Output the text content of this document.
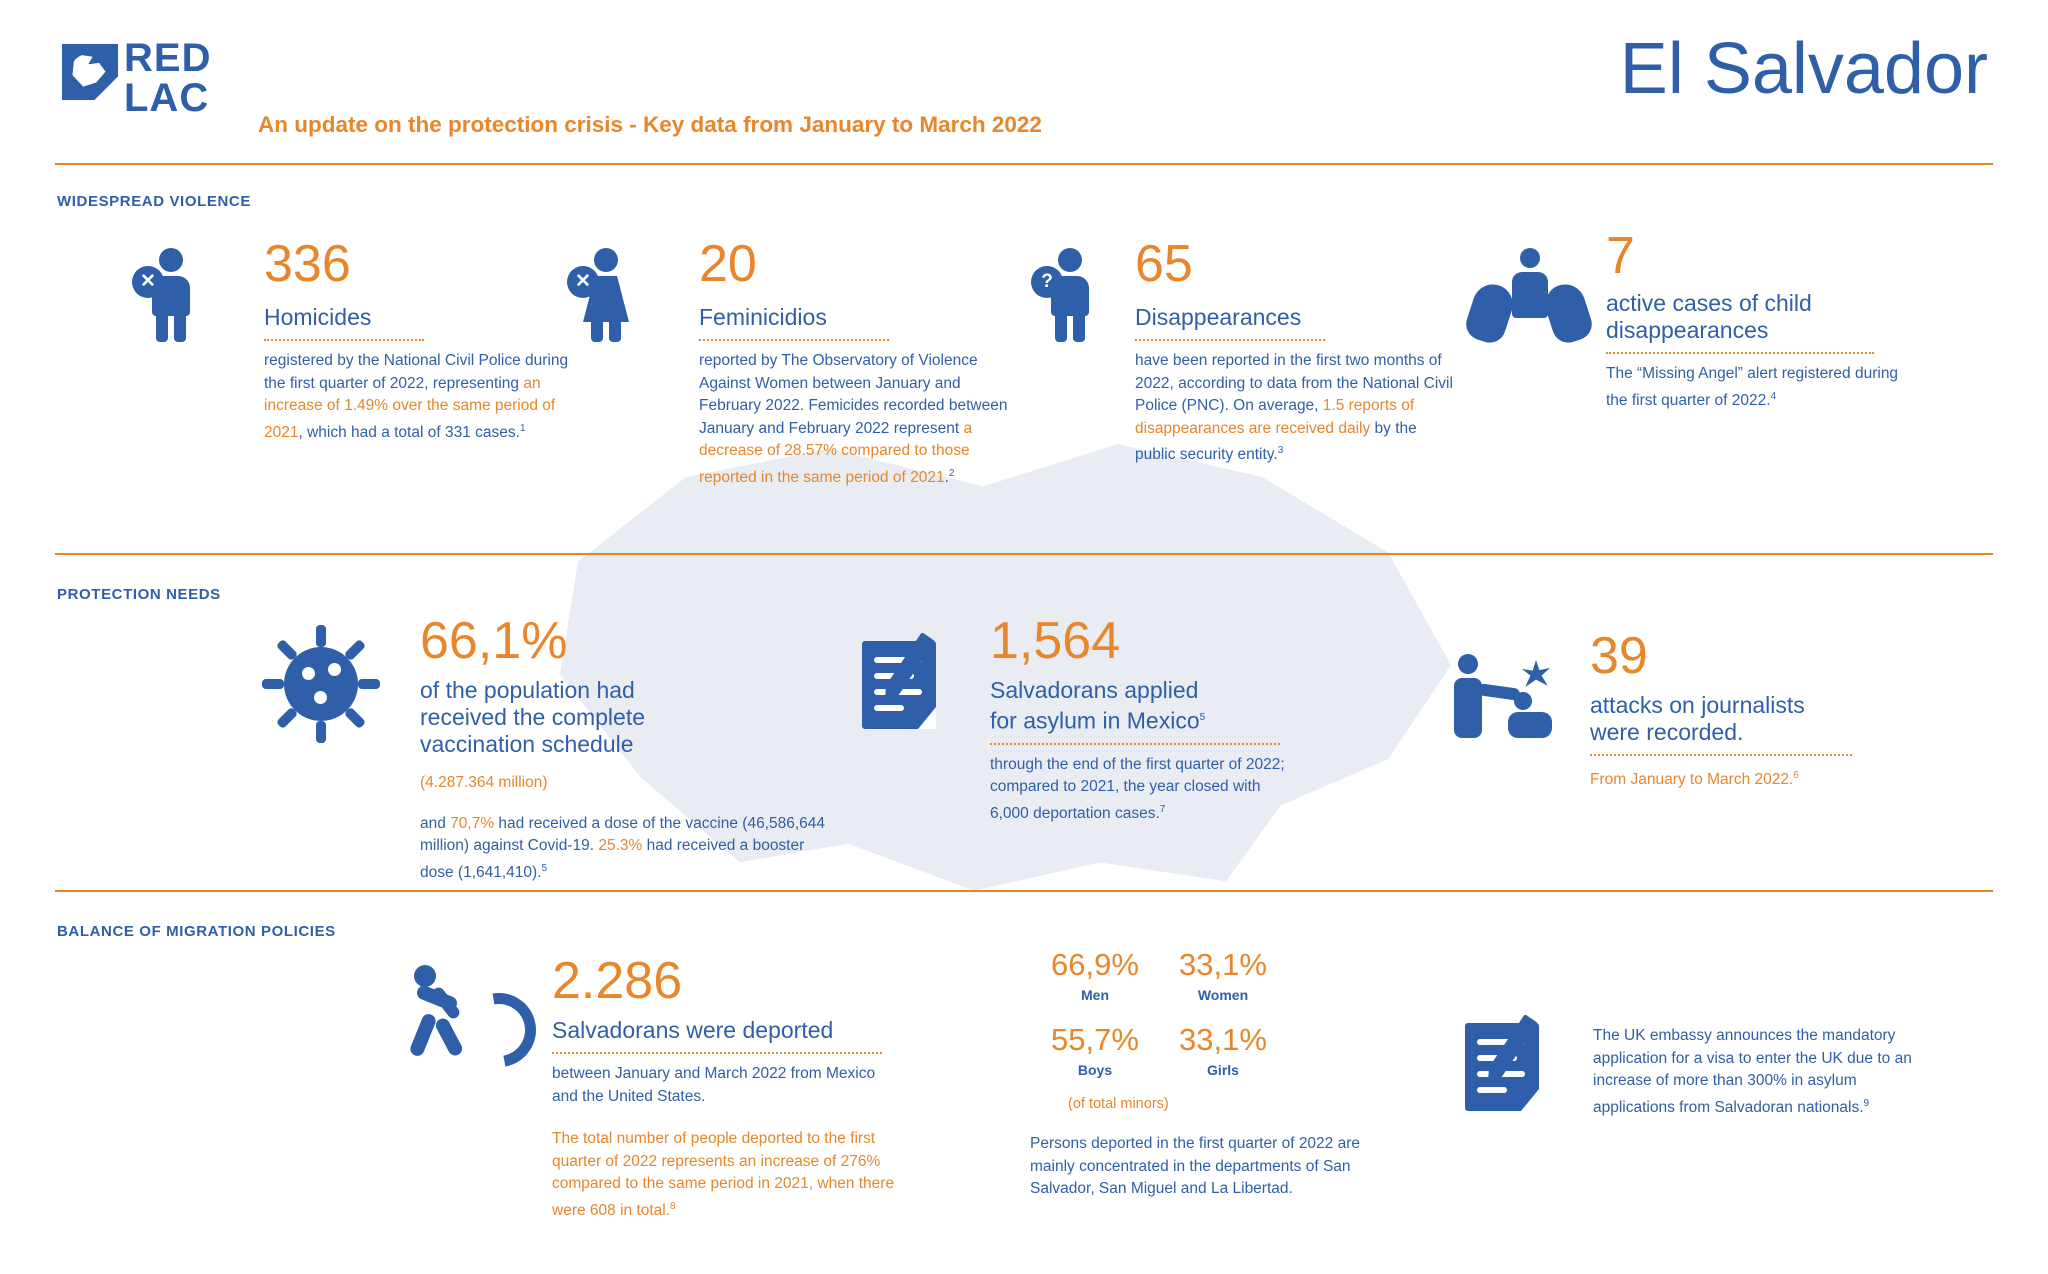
RED
LAC
An update on the protection crisis - Key data from January to March 2022
El Salvador
WIDESPREAD VIOLENCE
✕ 336
Homicides
registered by the National Civil Police during the first quarter of 2022, representing an increase of 1.49% over the same period of 2021, which had a total of 331 cases.$^1$
✕ 20
Feminicidios
reported by The Observatory of Violence Against Women between January and February 2022. Femicides recorded between January and February 2022 represent a decrease of 28.57% compared to those reported in the same period of 2021.$^2$
? 65
Disappearances
have been reported in the first two months of 2022, according to data from the National Civil Police (PNC). On average, 1.5 reports of disappearances are received daily by the public security entity.$^3$
7
active cases of child disappearances
The “Missing Angel” alert registered during the first quarter of 2022.$^4$
PROTECTION NEEDS
66,1%
of the population had received the complete vaccination schedule
(4.287.364 million)
and 70,7% had received a dose of the vaccine (46,586,644 million) against Covid-19. 25.3% had received a booster dose (1,641,410).$^5$
1,564
Salvadorans applied for asylum in Mexico$^5$
through the end of the first quarter of 2022; compared to 2021, the year closed with 6,000 deportation cases.$^7$
39
attacks on journalists were recorded.
From January to March 2022.$^6$
BALANCE OF MIGRATION POLICIES
2.286
Salvadorans were deported
between January and March 2022 from Mexico and the United States.
The total number of people deported to the first quarter of 2022 represents an increase of 276% compared to the same period in 2021, when there were 608 in total.$^8$
66,9%
Men
33,1%
Women
55,7%
Boys
33,1%
Girls
(of total minors)
Persons deported in the first quarter of 2022 are mainly concentrated in the departments of San Salvador, San Miguel and La Libertad.
The UK embassy announces the mandatory application for a visa to enter the UK due to an increase of more than 300% in asylum applications from Salvadoran nationals.$^9$
